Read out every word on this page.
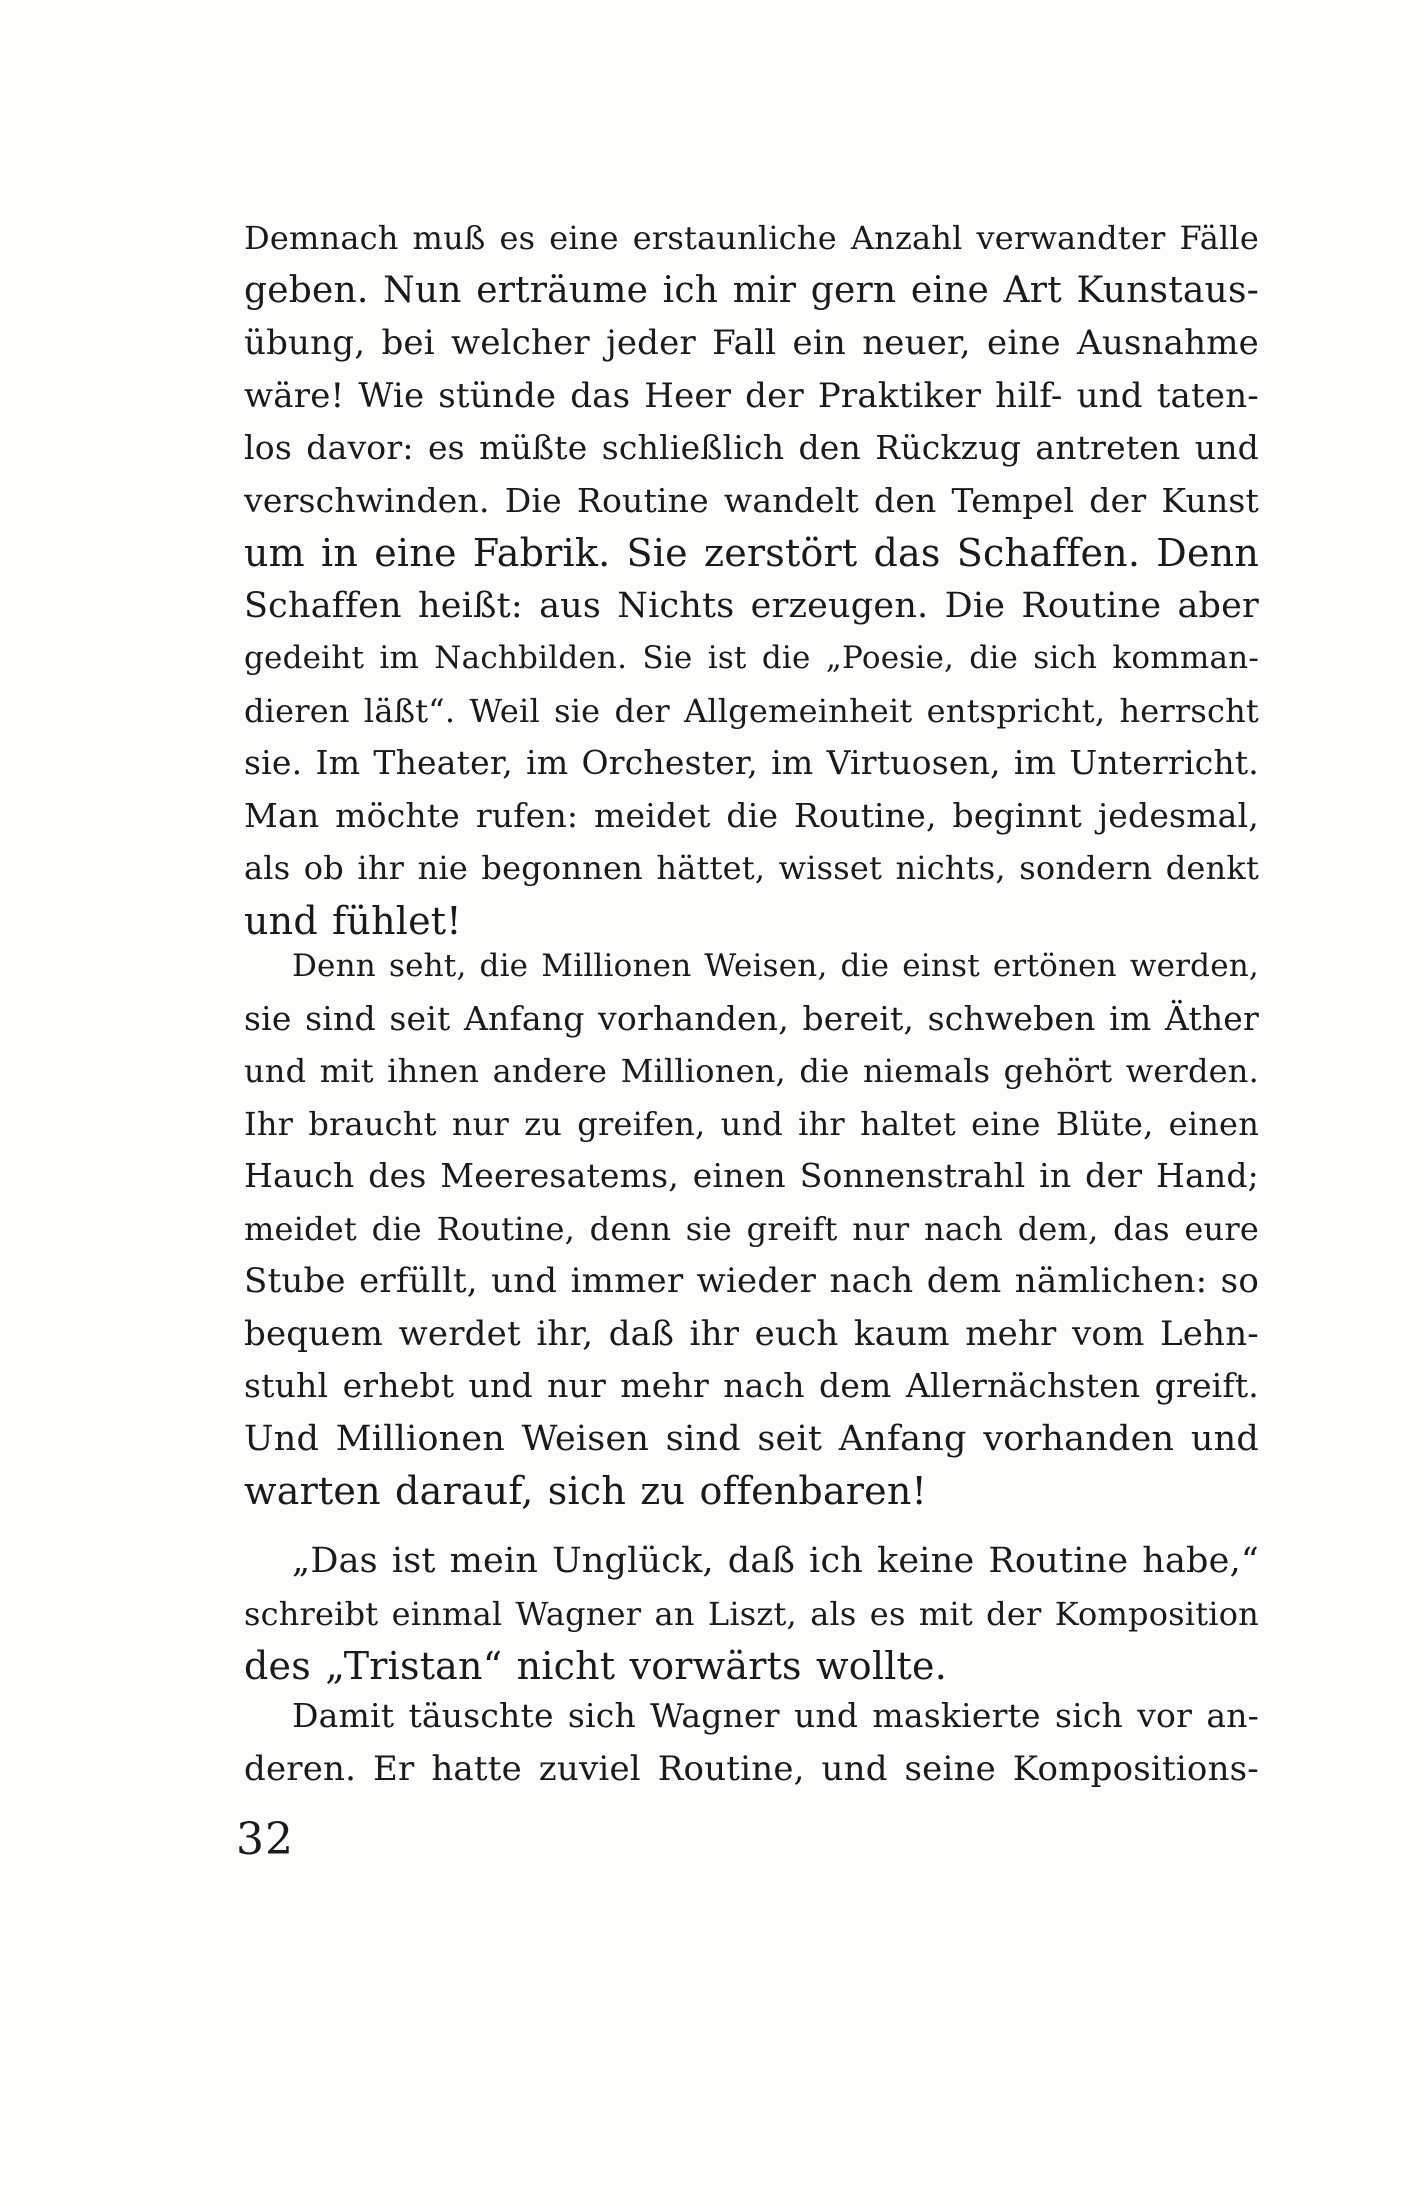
Demnach muß es eine erstaunliche Anzahl verwandter Fälle
geben. Nun erträume ich mir gern eine Art Kunstaus-
übung, bei welcher jeder Fall ein neuer, eine Ausnahme
wäre! Wie stünde das Heer der Praktiker hilf- und taten-
los davor: es müßte schließlich den Rückzug antreten und
verschwinden. Die Routine wandelt den Tempel der Kunst
um in eine Fabrik. Sie zerstört das Schaffen. Denn
Schaffen heißt: aus Nichts erzeugen. Die Routine aber
gedeiht im Nachbilden. Sie ist die „Poesie, die sich komman-
dieren läßt“. Weil sie der Allgemeinheit entspricht, herrscht
sie. Im Theater, im Orchester, im Virtuosen, im Unterricht.
Man möchte rufen: meidet die Routine, beginnt jedesmal,
als ob ihr nie begonnen hättet, wisset nichts, sondern denkt
und fühlet!
Denn seht, die Millionen Weisen, die einst ertönen werden,
sie sind seit Anfang vorhanden, bereit, schweben im Äther
und mit ihnen andere Millionen, die niemals gehört werden.
Ihr braucht nur zu greifen, und ihr haltet eine Blüte, einen
Hauch des Meeresatems, einen Sonnenstrahl in der Hand;
meidet die Routine, denn sie greift nur nach dem, das eure
Stube erfüllt, und immer wieder nach dem nämlichen: so
bequem werdet ihr, daß ihr euch kaum mehr vom Lehn-
stuhl erhebt und nur mehr nach dem Allernächsten greift.
Und Millionen Weisen sind seit Anfang vorhanden und
warten darauf, sich zu offenbaren!
„Das ist mein Unglück, daß ich keine Routine habe,“
schreibt einmal Wagner an Liszt, als es mit der Komposition
des „Tristan“ nicht vorwärts wollte.
Damit täuschte sich Wagner und maskierte sich vor an-
deren. Er hatte zuviel Routine, und seine Kompositions-
32
